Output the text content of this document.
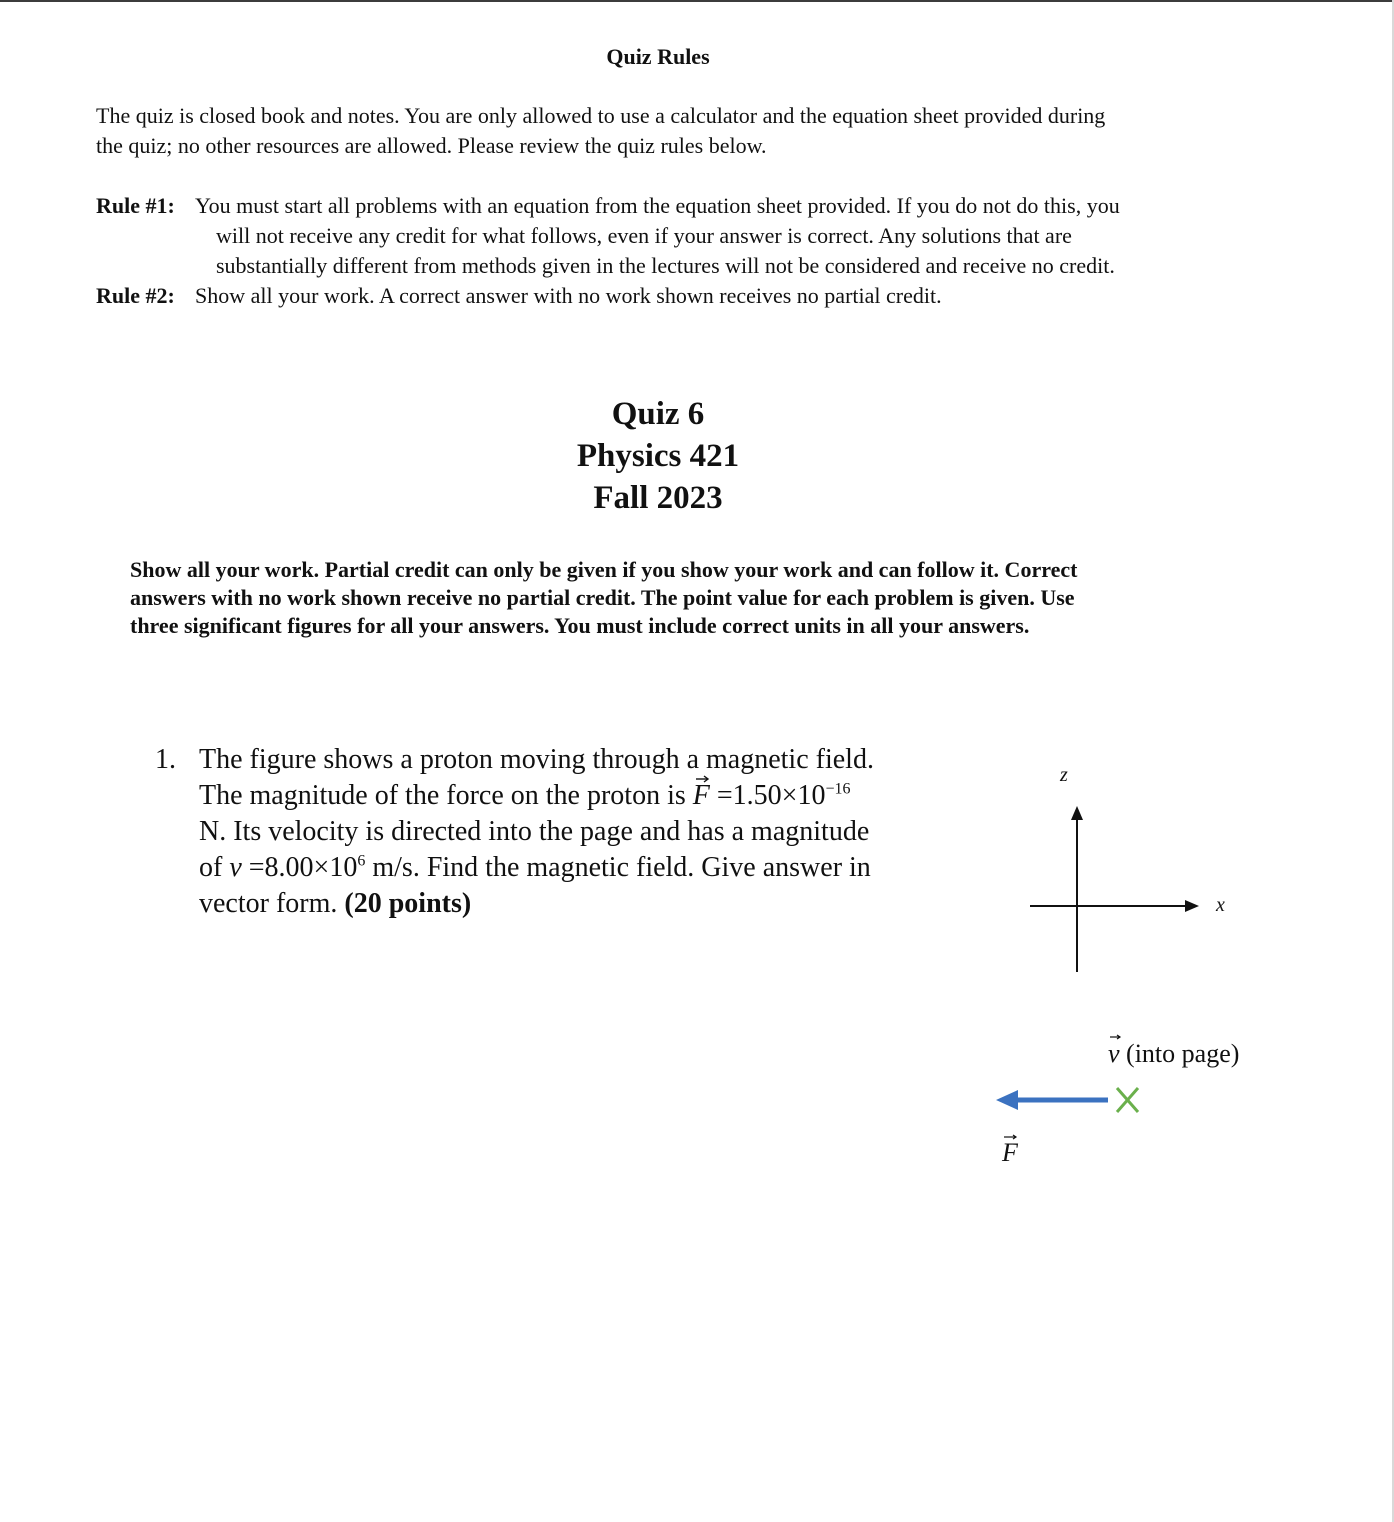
Quiz Rules
The quiz is closed book and notes. You are only allowed to use a calculator and the equation sheet provided during
the quiz; no other resources are allowed. Please review the quiz rules below.
Rule #1: You must start all problems with an equation from the equation sheet provided. If you do not do this, you
will not receive any credit for what follows, even if your answer is correct. Any solutions that are
substantially different from methods given in the lectures will not be considered and receive no credit.
Rule #2: Show all your work. A correct answer with no work shown receives no partial credit.
Quiz 6
Physics 421
Fall 2023
Show all your work. Partial credit can only be given if you show your work and can follow it. Correct
answers with no work shown receive no partial credit. The point value for each problem is given. Use
three significant figures for all your answers. You must include correct units in all your answers.
1. The figure shows a proton moving through a magnetic field.
The magnitude of the force on the proton is
$F =1.50\times 10^{-16}$
N. Its velocity is directed into the page and has a magnitude
of $v =8.00\times 10^6$ m/s. Find the magnetic field. Give answer in
vector form. (20 points)
z
x
v (into page)
F
